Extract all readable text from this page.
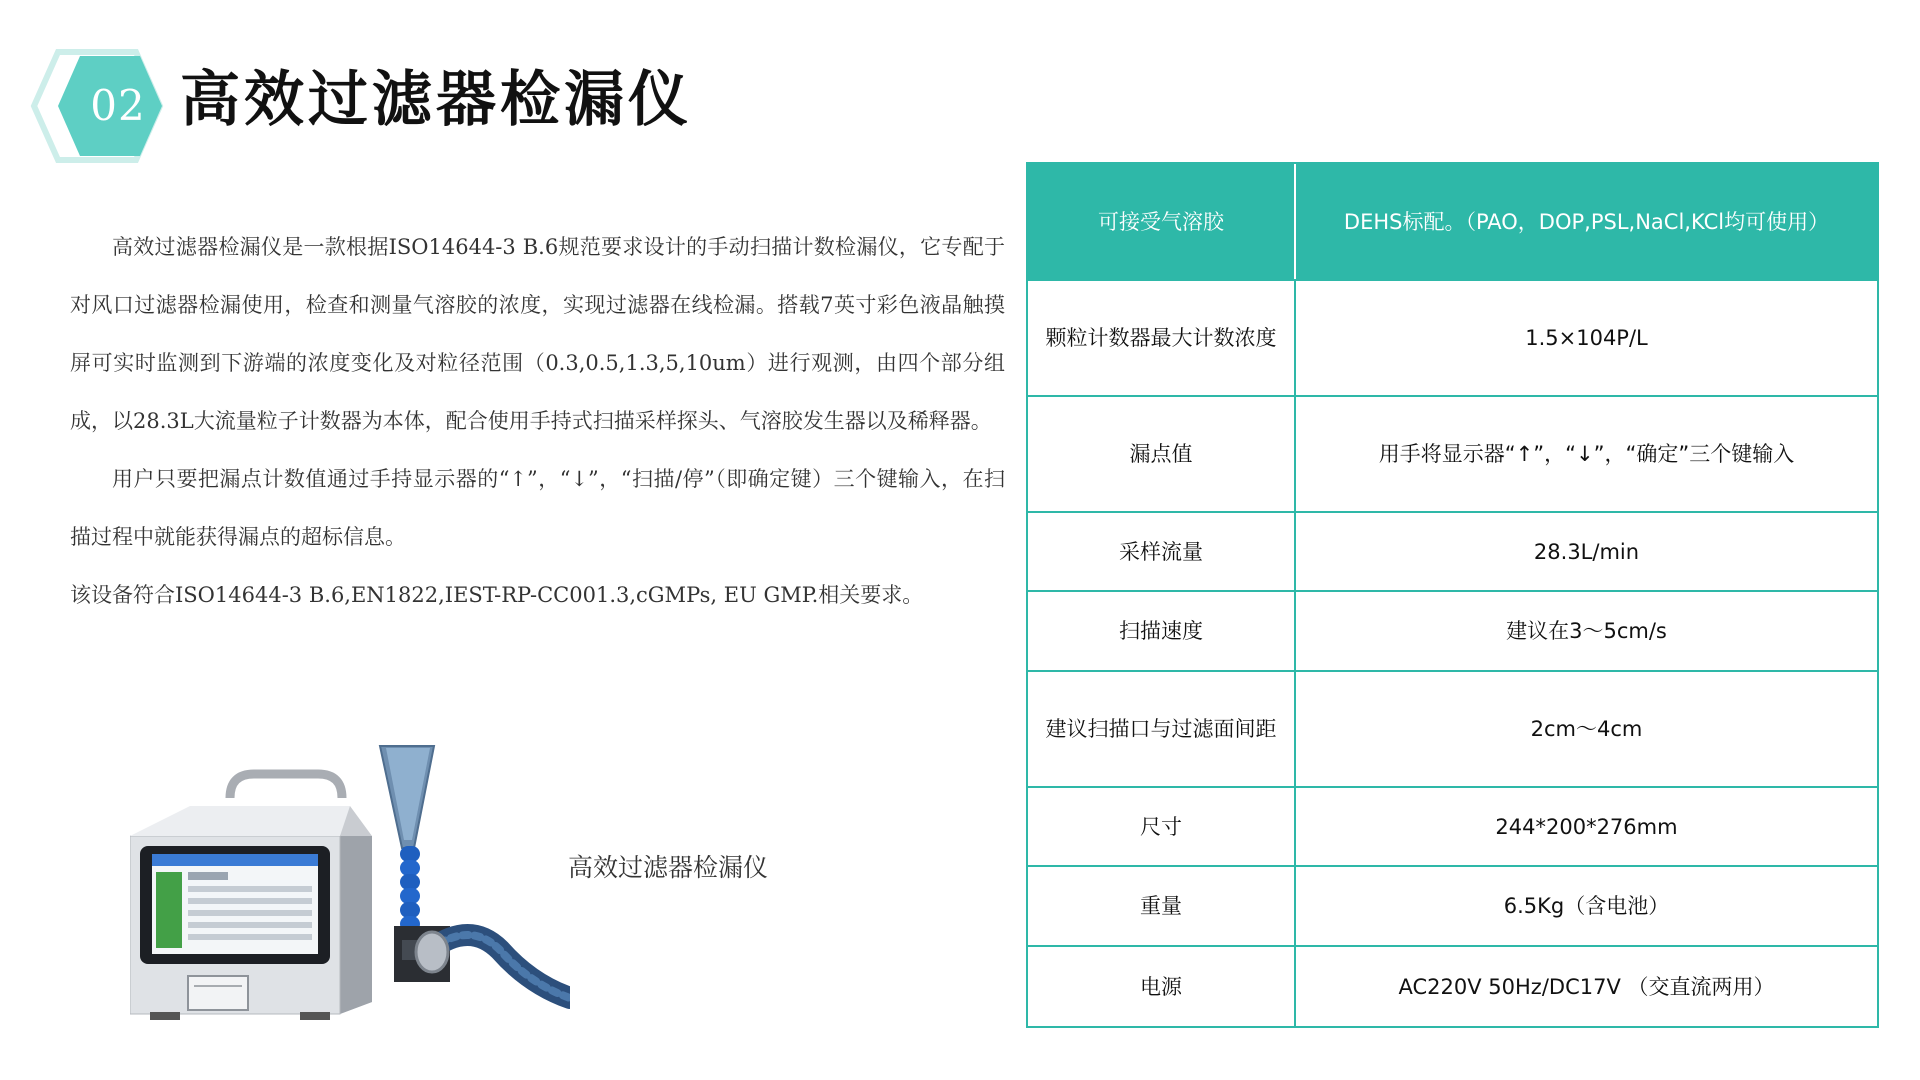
02 高效过滤器检漏仪

高效过滤器检漏仪是一款根据ISO14644-3 B.6规范要求设计的手动扫描计数检漏仪，它专配于对风口过滤器检漏使用，检查和测量气溶胶的浓度，实现过滤器在线检漏。搭载7英寸彩色液晶触摸屏可实时监测到下游端的浓度变化及对粒径范围（0.3,0.5,1.3,5,10um）进行观测，由四个部分组成，以28.3L大流量粒子计数器为本体，配合使用手持式扫描采样探头、气溶胶发生器以及稀释器。

用户只要把漏点计数值通过手持显示器的“↑”，“↓”，“扫描/停”（即确定键）三个键输入，在扫描过程中就能获得漏点的超标信息。

该设备符合ISO14644-3 B.6,EN1822,IEST-RP-CC001.3,cGMPs, EU GMP.相关要求。

高效过滤器检漏仪
可接受气溶胶	DEHS标配。（PAO，DOP,PSL,NaCl,KCl均可使用）
颗粒计数器最大计数浓度	1.5×104P/L
漏点值	用手将显示器“↑”，“↓”，“确定”三个键输入
采样流量	28.3L/min
扫描速度	建议在3～5cm/s
建议扫描口与过滤面间距	2cm～4cm
尺寸	244*200*276mm
重量	6.5Kg（含电池）
电源	AC220V 50Hz/DC17V （交直流两用）
